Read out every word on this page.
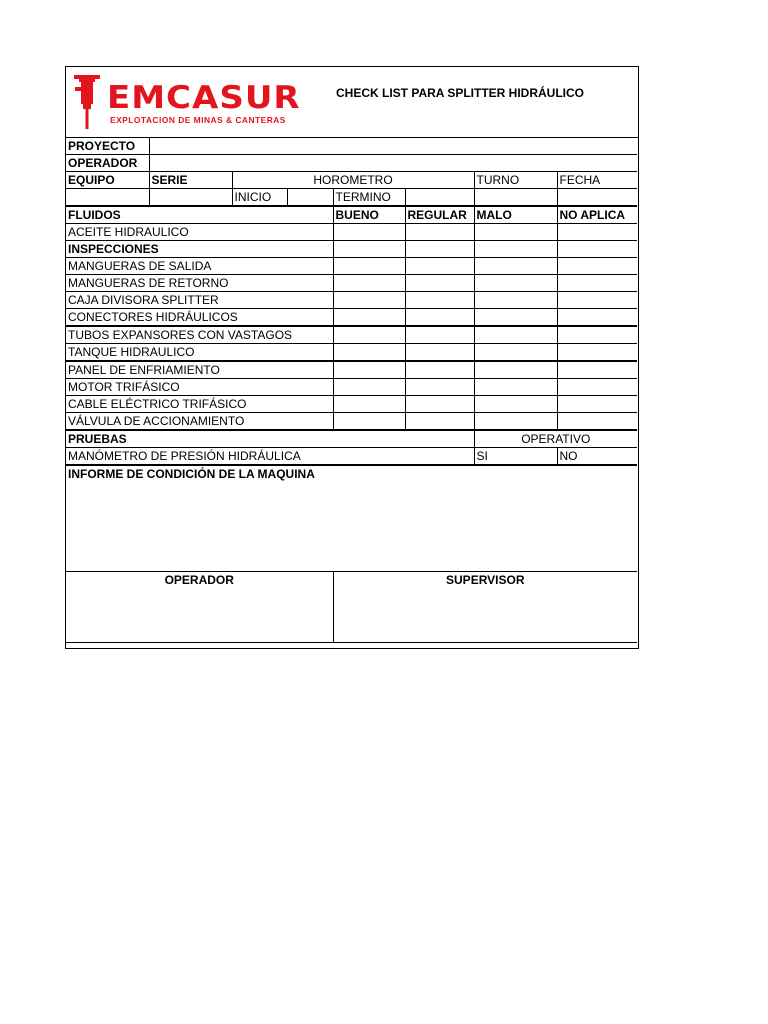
EMCASUR
EXPLOTACION DE MINAS & CANTERAS
CHECK LIST PARA SPLITTER HIDRÁULICO
PROYECTO							
OPERADOR							
EQUIPO	SERIE	HOROMETRO				TURNO	FECHA
		INICIO		TERMINO			
FLUIDOS				BUENO	REGULAR	MALO	NO APLICA
ACEITE HIDRAULICO							
INSPECCIONES							
MANGUERAS DE SALIDA							
MANGUERAS DE RETORNO							
CAJA DIVISORA SPLITTER							
CONECTORES HIDRÁULICOS							
TUBOS EXPANSORES CON VASTAGOS							
TANQUE HIDRAULICO							
PANEL DE ENFRIAMIENTO							
MOTOR TRIFÁSICO							
CABLE ELÉCTRICO TRIFÁSICO							
VÁLVULA DE ACCIONAMIENTO							
PRUEBAS						OPERATIVO	
MANÓMETRO DE PRESIÓN HIDRÁULICA						SI	NO
INFORME DE CONDICIÓN DE LA MAQUINA							
OPERADOR				SUPERVISOR			
